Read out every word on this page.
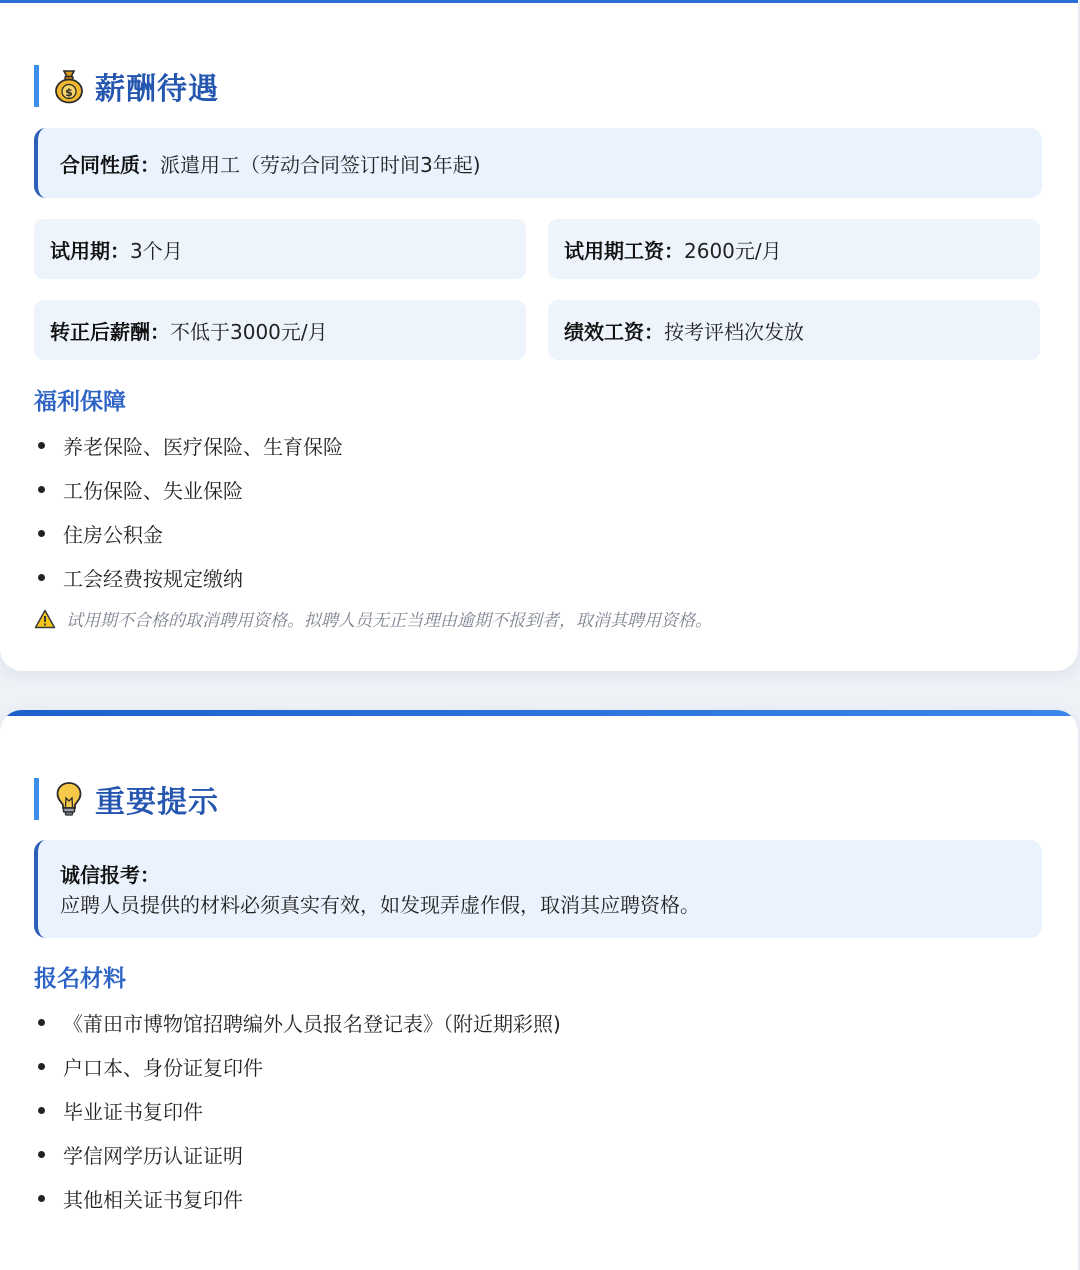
$ 薪酬待遇
合同性质： 派遣用工（劳动合同签订时间3年起)
试用期： 3个月	试用期工资： 2600元/月
转正后薪酬： 不低于3000元/月	绩效工资： 按考评档次发放
福利保障
养老保险、医疗保险、生育保险
工伤保险、失业保险
住房公积金
工会经费按规定缴纳
试用期不合格的取消聘用资格。拟聘人员无正当理由逾期不报到者，取消其聘用资格。
重要提示
诚信报考：
应聘人员提供的材料必须真实有效，如发现弄虚作假，取消其应聘资格。
报名材料
《莆田市博物馆招聘编外人员报名登记表》（附近期彩照)
户口本、身份证复印件
毕业证书复印件
学信网学历认证证明
其他相关证书复印件
